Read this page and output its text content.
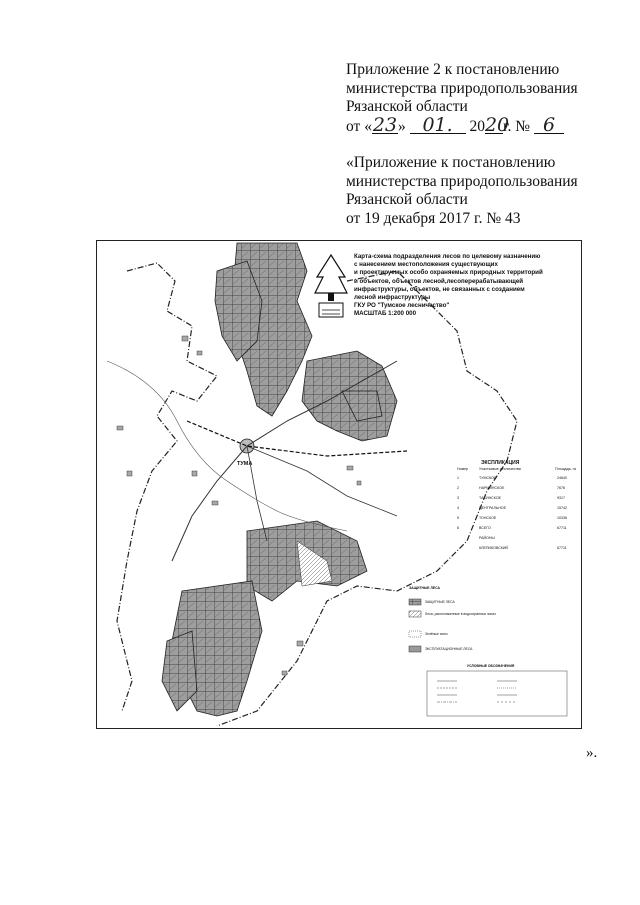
Приложение 2 к постановлению
министерства природопользования
Рязанской области
от «23» 01. 2020г. № 6
«Приложение к постановлению
министерства природопользования
Рязанской области
от 19 декабря 2017 г. № 43
ТУМА
Карта-схема подразделения лесов по целевому назначению
с нанесением местоположения существующих
и проектируемых особо охраняемых природных территорий
и объектов, объектов лесной,лесоперерабатывающей
инфраструктуры, объектов, не связанных с созданием
лесной инфраструктуры
ГКУ РО "Тумское лесничество"
МАСШТАБ 1:200 000
ЭКСПЛИКАЦИЯ
Номер	Участковые лесничества	Площадь, га
1	ТУМСКОЕ	24640
2	НАРМИНСКОЕ	7676
3	ТАСИНСКОЕ	9317
4	ЦЕНТРАЛЬНОЕ	15742
5	ТОНСКОЕ	10336
6	ВСЕГО	67711
РАЙОНЫ
КЛЕПИКОВСКИЙ	67711
ЗАЩИТНЫЕ ЛЕСА
ЗАЩИТНЫЕ ЛЕСА
Леса, расположенные в водоохранных зонах
Зелёные зоны
ЭКСПЛУАТАЦИОННЫЕ ЛЕСА
УСЛОВНЫЕ ОБОЗНАЧЕНИЯ
».
